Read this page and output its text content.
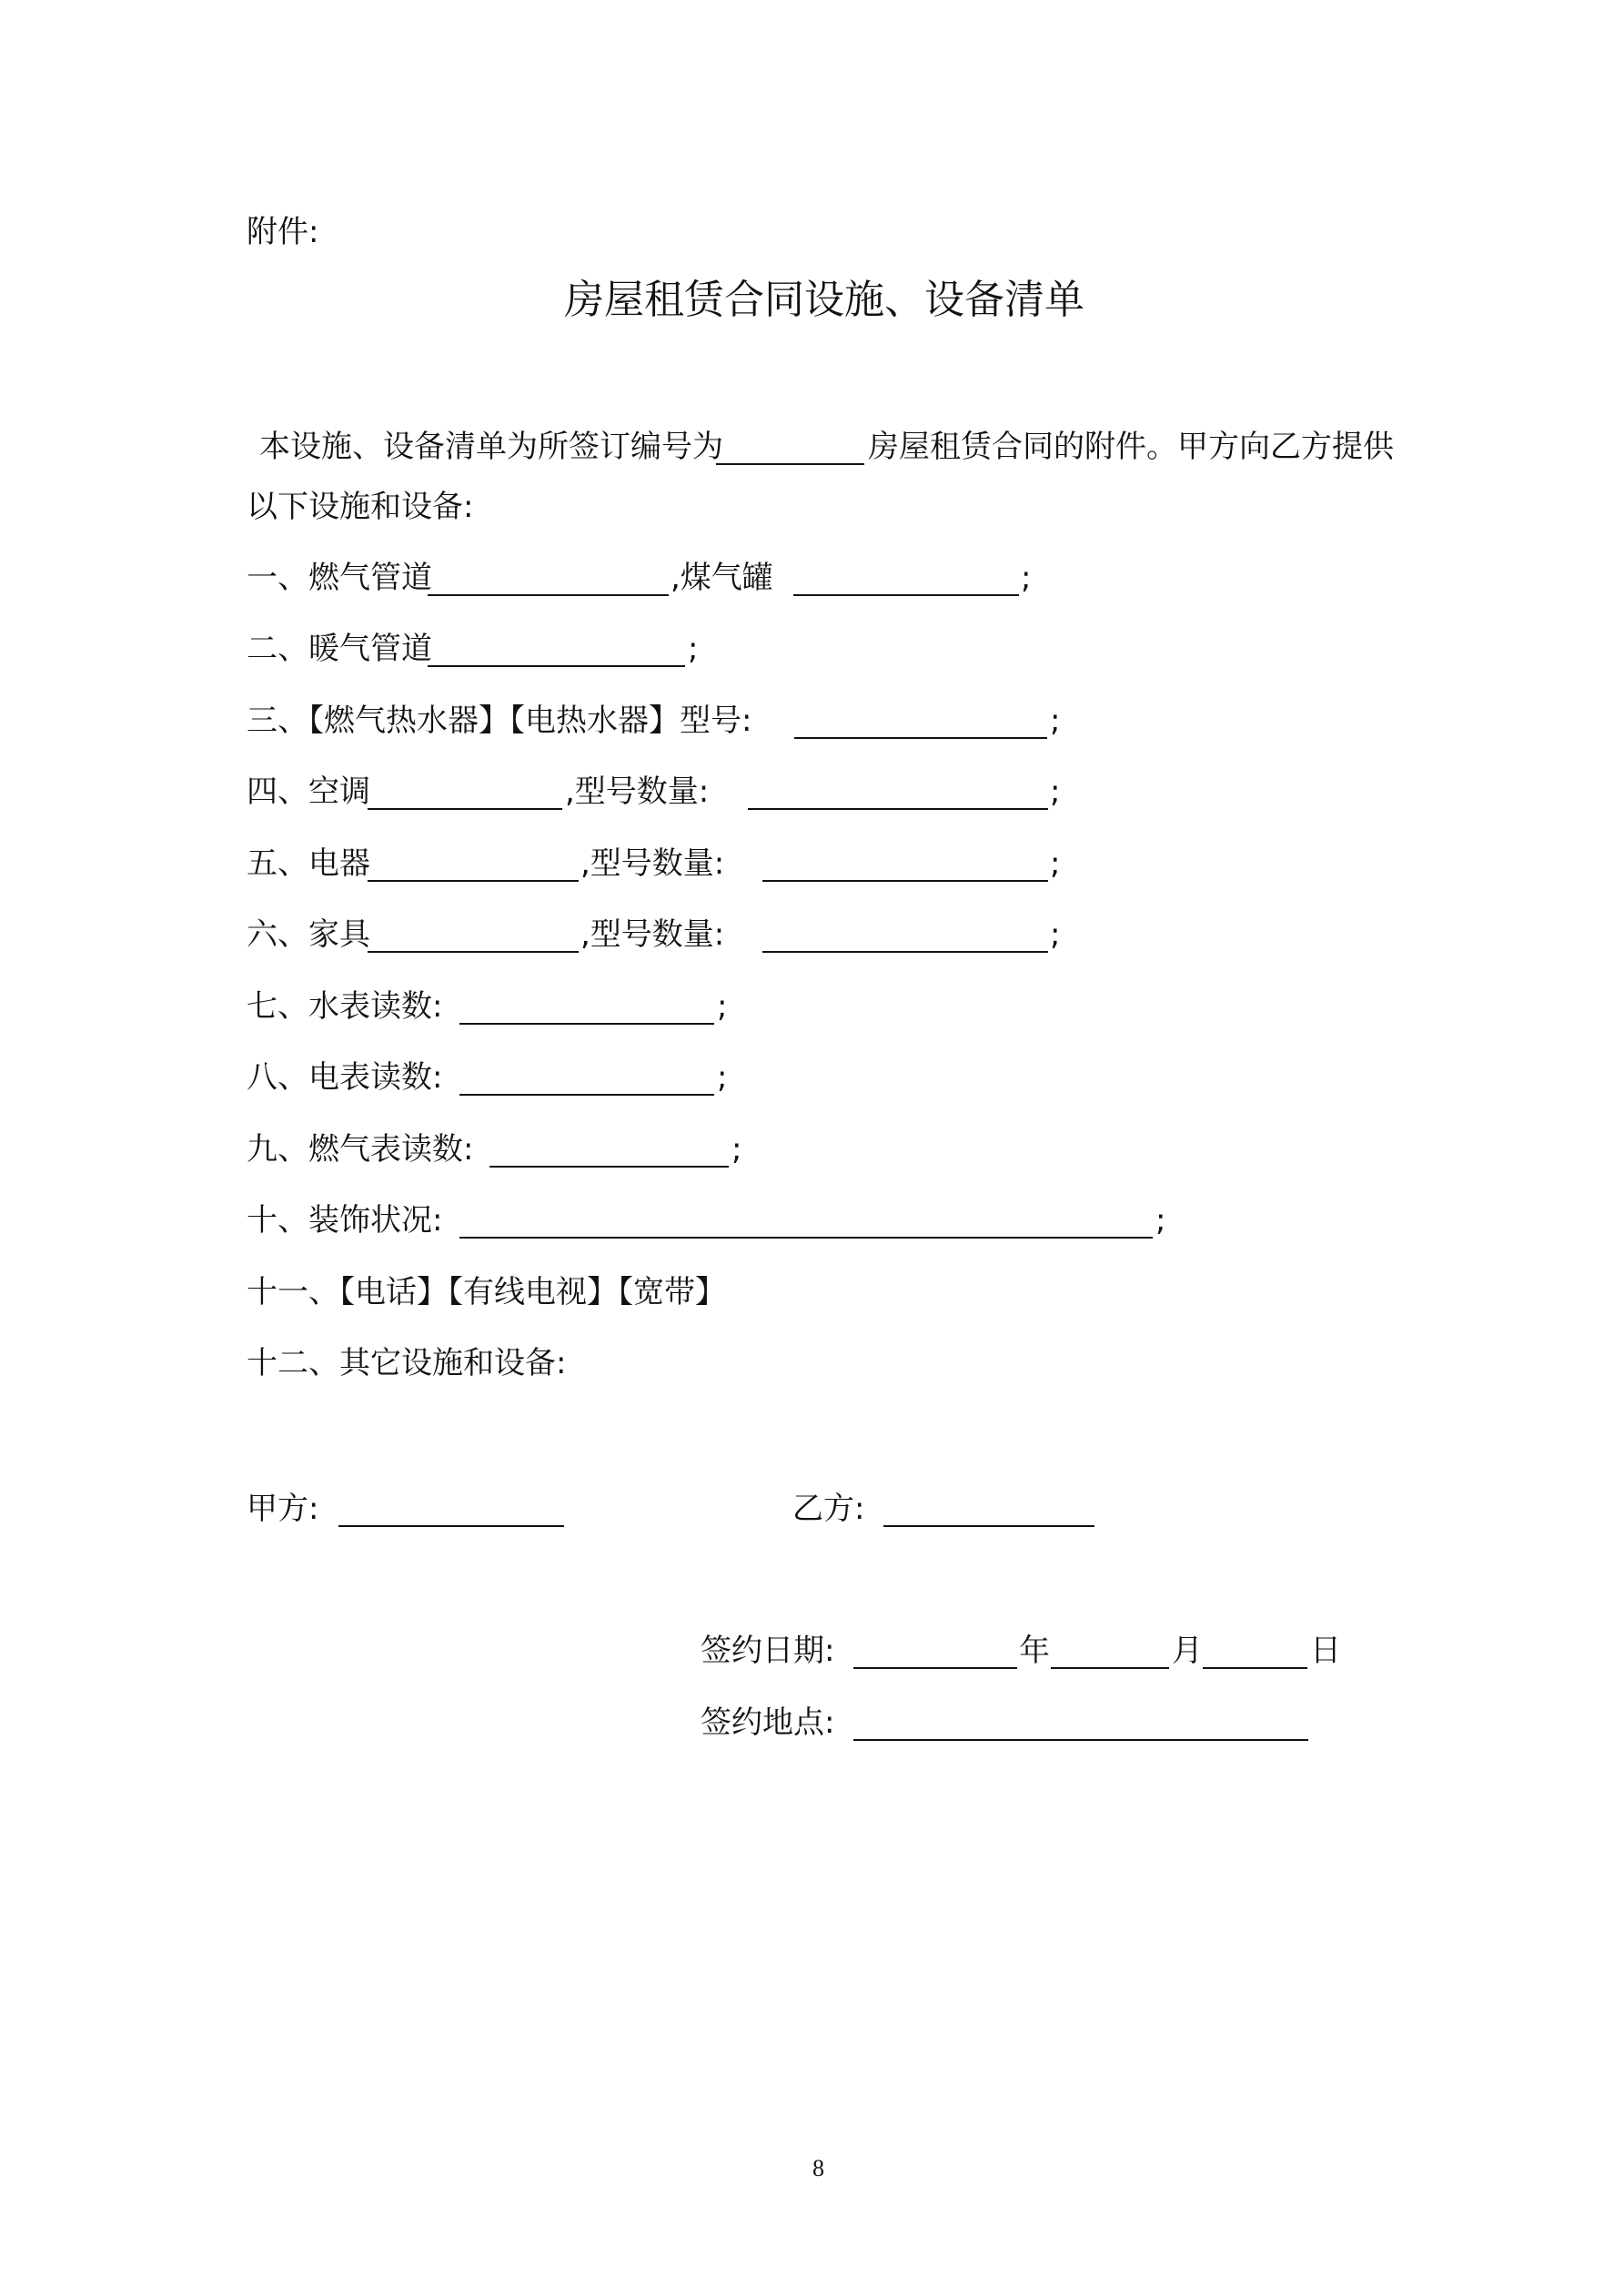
附件:
房屋租赁合同设施、设备清单
本设施、设备清单为所签订编号为	房屋租赁合同的附件。甲方向乙方提供
以下设施和设备:
一、燃气管道	,煤气罐	;
二、暖气管道	;
三、【燃气热水器】【电热水器】型号:	;
四、空调	,型号数量:	;
五、电器	,型号数量:	;
六、家具	,型号数量:	;
七、水表读数:	;
八、电表读数:	;
九、燃气表读数:	;
十、装饰状况:	;
十一、【电话】【有线电视】【宽带】
十二、其它设施和设备:
甲方:	乙方:
签约日期:	年	月	日
签约地点:
8
